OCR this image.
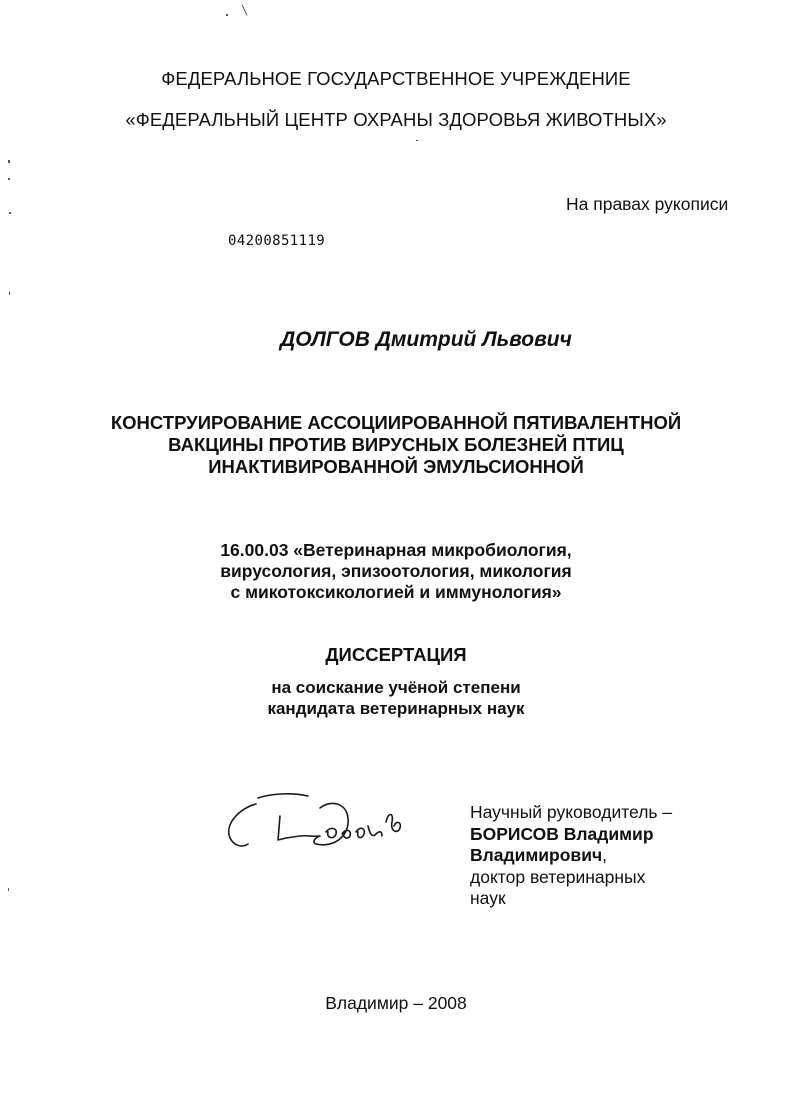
ФЕДЕРАЛЬНОЕ ГОСУДАРСТВЕННОЕ УЧРЕЖДЕНИЕ
«ФЕДЕРАЛЬНЫЙ ЦЕНТР ОХРАНЫ ЗДОРОВЬЯ ЖИВОТНЫХ»
На правах рукописи
04200851119
ДОЛГОВ Дмитрий Львович
КОНСТРУИРОВАНИЕ АССОЦИИРОВАННОЙ ПЯТИВАЛЕНТНОЙ
ВАКЦИНЫ ПРОТИВ ВИРУСНЫХ БОЛЕЗНЕЙ ПТИЦ
ИНАКТИВИРОВАННОЙ ЭМУЛЬСИОННОЙ
16.00.03 «Ветеринарная микробиология,
вирусология, эпизоотология, микология
с микотоксикологией и иммунология»
ДИССЕРТАЦИЯ
на соискание учёной степени
кандидата ветеринарных наук
Научный руководитель –
БОРИСОВ Владимир
Владимирович,
доктор ветеринарных
наук
Владимир – 2008
